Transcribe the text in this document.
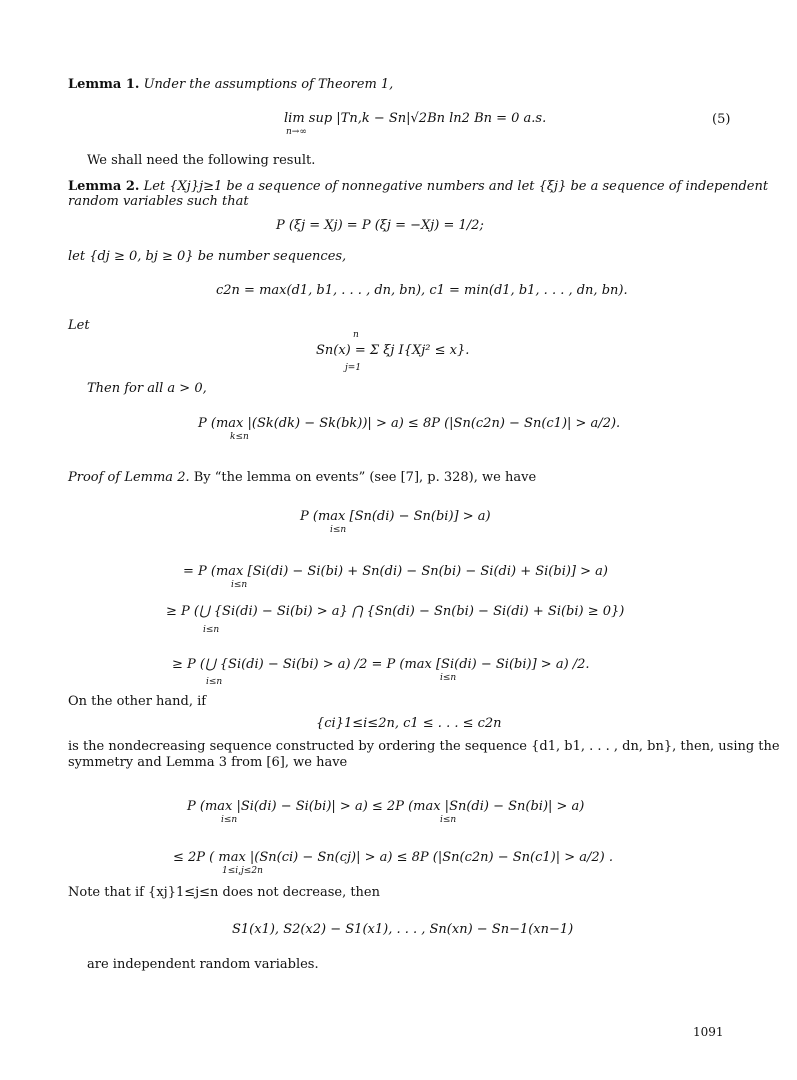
Lemma 1. Under the assumptions of Theorem 1,
lim sup |Tn,k − Sn|√2Bn ln2 Bn = 0 a.s.
n→∞
(5)
We shall need the following result.
Lemma 2. Let {Xj}j≥1 be a sequence of nonnegative numbers and let {ξj} be a sequence of independent
random variables such that
P (ξj = Xj) = P (ξj = −Xj) = 1/2;
let {dj ≥ 0, bj ≥ 0} be number sequences,
c2n = max(d1, b1, . . . , dn, bn), c1 = min(d1, b1, . . . , dn, bn).
Let
n
Sn(x) = Σ ξj I{Xj² ≤ x}.
j=1
Then for all a > 0,
P (max |(Sk(dk) − Sk(bk))| > a) ≤ 8P (|Sn(c2n) − Sn(c1)| > a/2).
k≤n
Proof of Lemma 2. By “the lemma on events” (see [7], p. 328), we have
P (max [Sn(di) − Sn(bi)] > a)
i≤n
= P (max [Si(di) − Si(bi) + Sn(di) − Sn(bi) − Si(di) + Si(bi)] > a)
i≤n
≥ P (⋃ {Si(di) − Si(bi) > a} ⋂ {Sn(di) − Sn(bi) − Si(di) + Si(bi) ≥ 0})
i≤n
≥ P (⋃ {Si(di) − Si(bi) > a) /2 = P (max [Si(di) − Si(bi)] > a) /2.
i≤n	i≤n
On the other hand, if
{ci}1≤i≤2n, c1 ≤ . . . ≤ c2n
is the nondecreasing sequence constructed by ordering the sequence {d1, b1, . . . , dn, bn}, then, using the
symmetry and Lemma 3 from [6], we have
P (max |Si(di) − Si(bi)| > a) ≤ 2P (max |Sn(di) − Sn(bi)| > a)
i≤n	i≤n
≤ 2P ( max |(Sn(ci) − Sn(cj)| > a) ≤ 8P (|Sn(c2n) − Sn(c1)| > a/2) .
1≤i,j≤2n
Note that if {xj}1≤j≤n does not decrease, then
S1(x1), S2(x2) − S1(x1), . . . , Sn(xn) − Sn−1(xn−1)
are independent random variables.
1091
